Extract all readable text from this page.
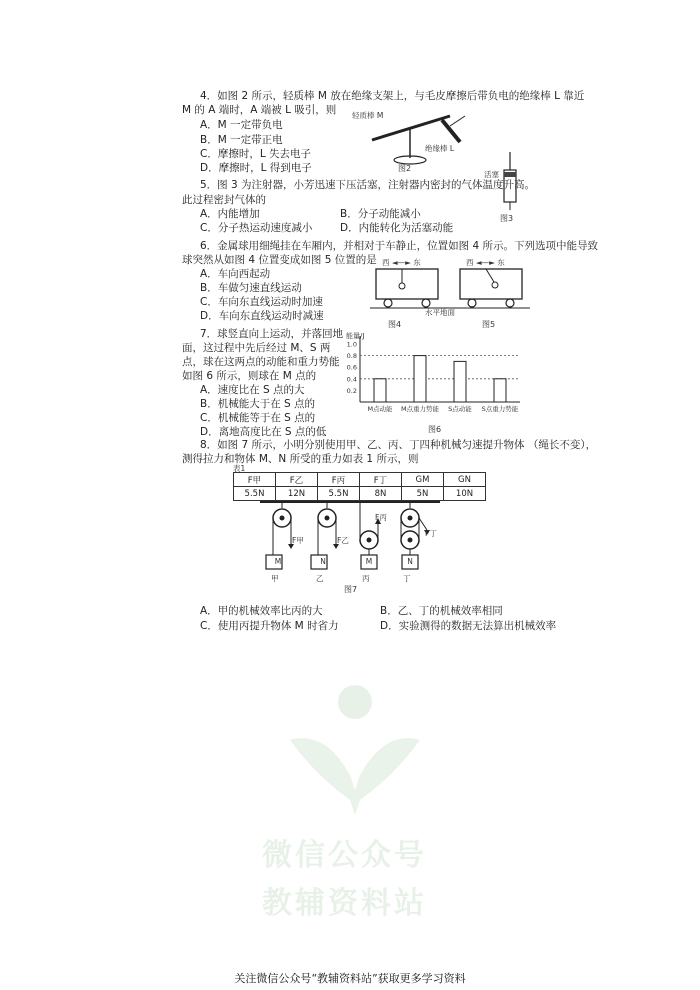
微信公众号
教辅资料站
4．如图 2 所示，轻质棒 M 放在绝缘支架上，与毛皮摩擦后带负电的绝缘棒 L 靠近
M 的 A 端时，A 端被 L 吸引，则
A．M 一定带负电
B．M 一定带正电
C．摩擦时，L 失去电子
D．摩擦时，L 得到电子
轻质棒 M
绝缘棒 L
图2
5．图 3 为注射器，小芳迅速下压活塞，注射器内密封的气体温度升高。
此过程密封气体的
A．内能增加	B．分子动能减小
C．分子热运动速度减小	D．内能转化为活塞动能
活塞
图3
6．金属球用细绳挂在车厢内，并相对于车静止，位置如图 4 所示。下列选项中能导致
球突然从如图 4 位置变成如图 5 位置的是
A．车向西起动
B．车做匀速直线运动
C．车向东直线运动时加速
D．车向东直线运动时减速
西 ◄—► 东	西 ◄—► 东
水平地面
图4	图5
7．球竖直向上运动，并落回地
面，这过程中先后经过 M、S 两
点，球在这两点的动能和重力势能
如图 6 所示，则球在 M 点的
A．速度比在 S 点的大
B．机械能大于在 S 点的
C．机械能等于在 S 点的
D．离地高度比在 S 点的低
能量/J
0.2
0.4
0.6
0.8
1.0
M点动能 M点重力势能 S点动能 S点重力势能
图6
8．如图 7 所示，小明分别使用甲、乙、丙、丁四种机械匀速提升物体 （绳长不变），
测得拉力和物体 M、N 所受的重力如表 1 所示，则
表1
F甲	F乙	F丙	F丁	GM	GN
5.5N	12N	5.5N	8N	5N	10N
F甲	F乙
F丙
F丁
M	N	M	N
甲	乙	丙	丁
图7
A．甲的机械效率比丙的大	B．乙、丁的机械效率相同
C．使用丙提升物体 M 时省力	D．实验测得的数据无法算出机械效率
关注微信公众号“教辅资料站”获取更多学习资料
